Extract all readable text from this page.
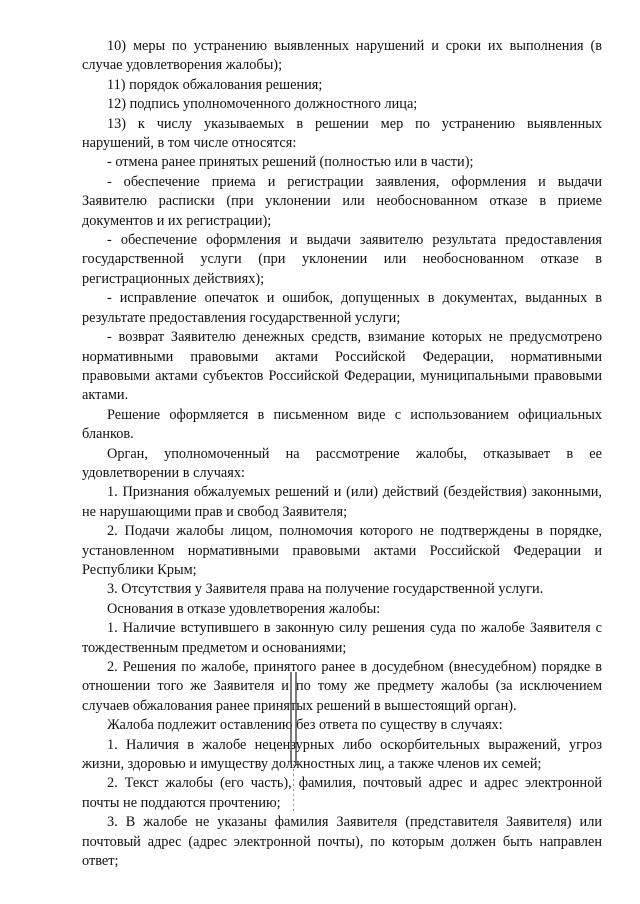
10) меры по устранению выявленных нарушений и сроки их выполнения (в случае удовлетворения жалобы);

11) порядок обжалования решения;

12) подпись уполномоченного должностного лица;

13) к числу указываемых в решении мер по устранению выявленных нарушений, в том числе относятся:

- отмена ранее принятых решений (полностью или в части);

- обеспечение приема и регистрации заявления, оформления и выдачи Заявителю расписки (при уклонении или необоснованном отказе в приеме документов и их регистрации);

- обеспечение оформления и выдачи заявителю результата предоставления государственной услуги (при уклонении или необоснованном отказе в регистрационных действиях);

- исправление опечаток и ошибок, допущенных в документах, выданных в результате предоставления государственной услуги;

- возврат Заявителю денежных средств, взимание которых не предусмотрено нормативными правовыми актами Российской Федерации, нормативными правовыми актами субъектов Российской Федерации, муниципальными правовыми актами.

Решение оформляется в письменном виде с использованием официальных бланков.

Орган, уполномоченный на рассмотрение жалобы, отказывает в ее удовлетворении в случаях:

1. Признания обжалуемых решений и (или) действий (бездействия) законными, не нарушающими прав и свобод Заявителя;

2. Подачи жалобы лицом, полномочия которого не подтверждены в порядке, установленном нормативными правовыми актами Российской Федерации и Республики Крым;

3. Отсутствия у Заявителя права на получение государственной услуги.

Основания в отказе удовлетворения жалобы:

1. Наличие вступившего в законную силу решения суда по жалобе Заявителя с тождественным предметом и основаниями;

2. Решения по жалобе, принятого ранее в досудебном (внесудебном) порядке в отношении того же Заявителя и по тому же предмету жалобы (за исключением случаев обжалования ранее принятых решений в вышестоящий орган).

Жалоба подлежит оставлению без ответа по существу в случаях:

1. Наличия в жалобе нецензурных либо оскорбительных выражений, угроз жизни, здоровью и имуществу должностных лиц, а также членов их семей;

2. Текст жалобы (его часть), фамилия, почтовый адрес и адрес электронной почты не поддаются прочтению;

3. В жалобе не указаны фамилия Заявителя (представителя Заявителя) или почтовый адрес (адрес электронной почты), по которым должен быть направлен ответ;
